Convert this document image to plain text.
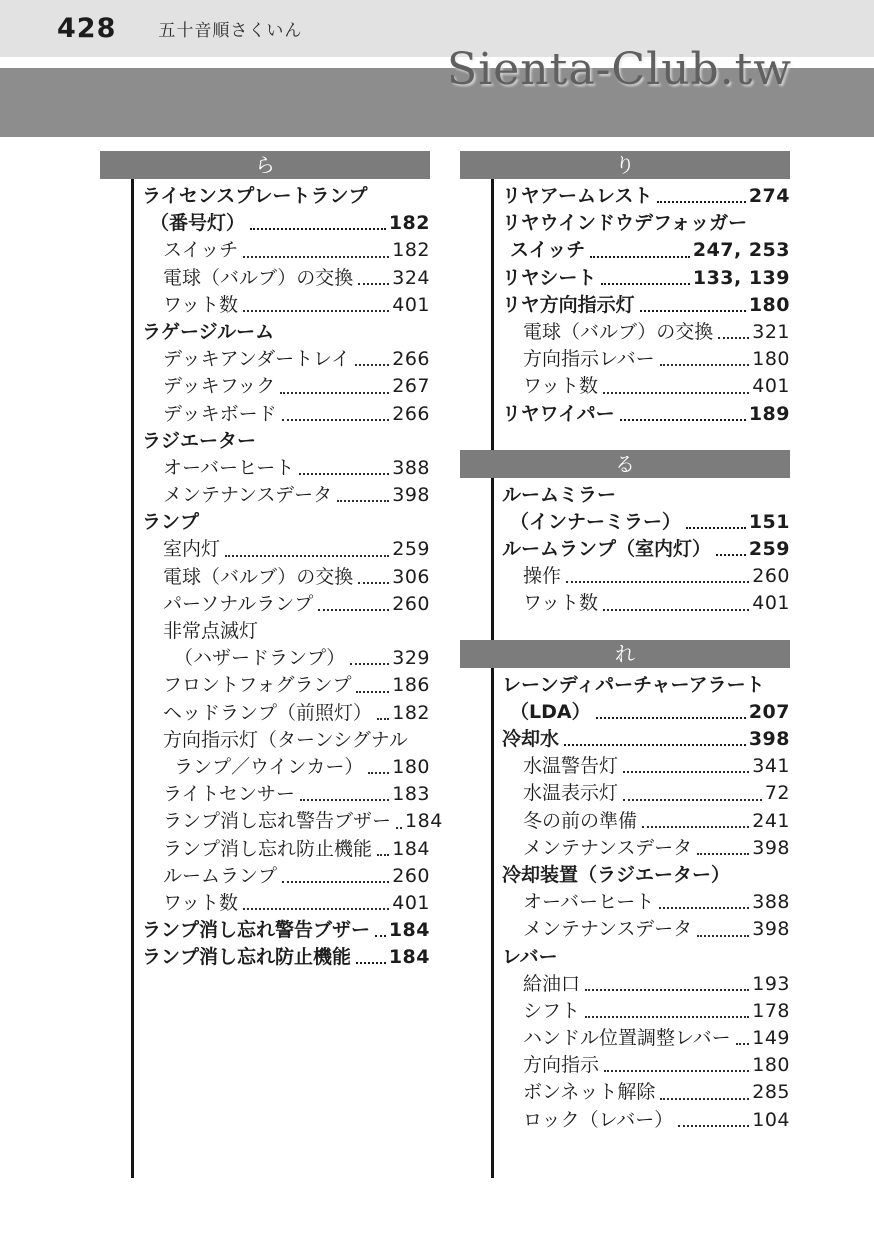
428 五十音順さくいん
Sienta-Club.tw
ら
ライセンスプレートランプ
（番号灯）	182
スイッチ	182
電球（バルブ）の交換 324
ワット数	401
ラゲージルーム
デッキアンダートレイ 266
デッキフック	267
デッキボード	266
ラジエーター
オーバーヒート	388
メンテナンスデータ	398
ランプ
室内灯	259
電球（バルブ）の交換 306
パーソナルランプ	260
非常点滅灯
（ハザードランプ） 329
フロントフォグランプ 186
ヘッドランプ（前照灯） 182
方向指示灯（ターンシグナル
ランプ／ウインカー） 180
ライトセンサー	183
ランプ消し忘れ警告ブザー 184
ランプ消し忘れ防止機能 184
ルームランプ	260
ワット数	401
ランプ消し忘れ警告ブザー 184
ランプ消し忘れ防止機能 184
り
リヤアームレスト	274
リヤウインドウデフォッガー
スイッチ	247, 253
リヤシート	133, 139
リヤ方向指示灯	180
電球（バルブ）の交換 321
方向指示レバー	180
ワット数	401
リヤワイパー	189
る
ルームミラー
（インナーミラー）	151
ルームランプ（室内灯） 259
操作	260
ワット数	401
れ
レーンディパーチャーアラート
（LDA）	207
冷却水	398
水温警告灯	341
水温表示灯	72
冬の前の準備	241
メンテナンスデータ	398
冷却装置（ラジエーター）
オーバーヒート	388
メンテナンスデータ	398
レバー
給油口	193
シフト	178
ハンドル位置調整レバー 149
方向指示	180
ボンネット解除	285
ロック（レバー）	104
